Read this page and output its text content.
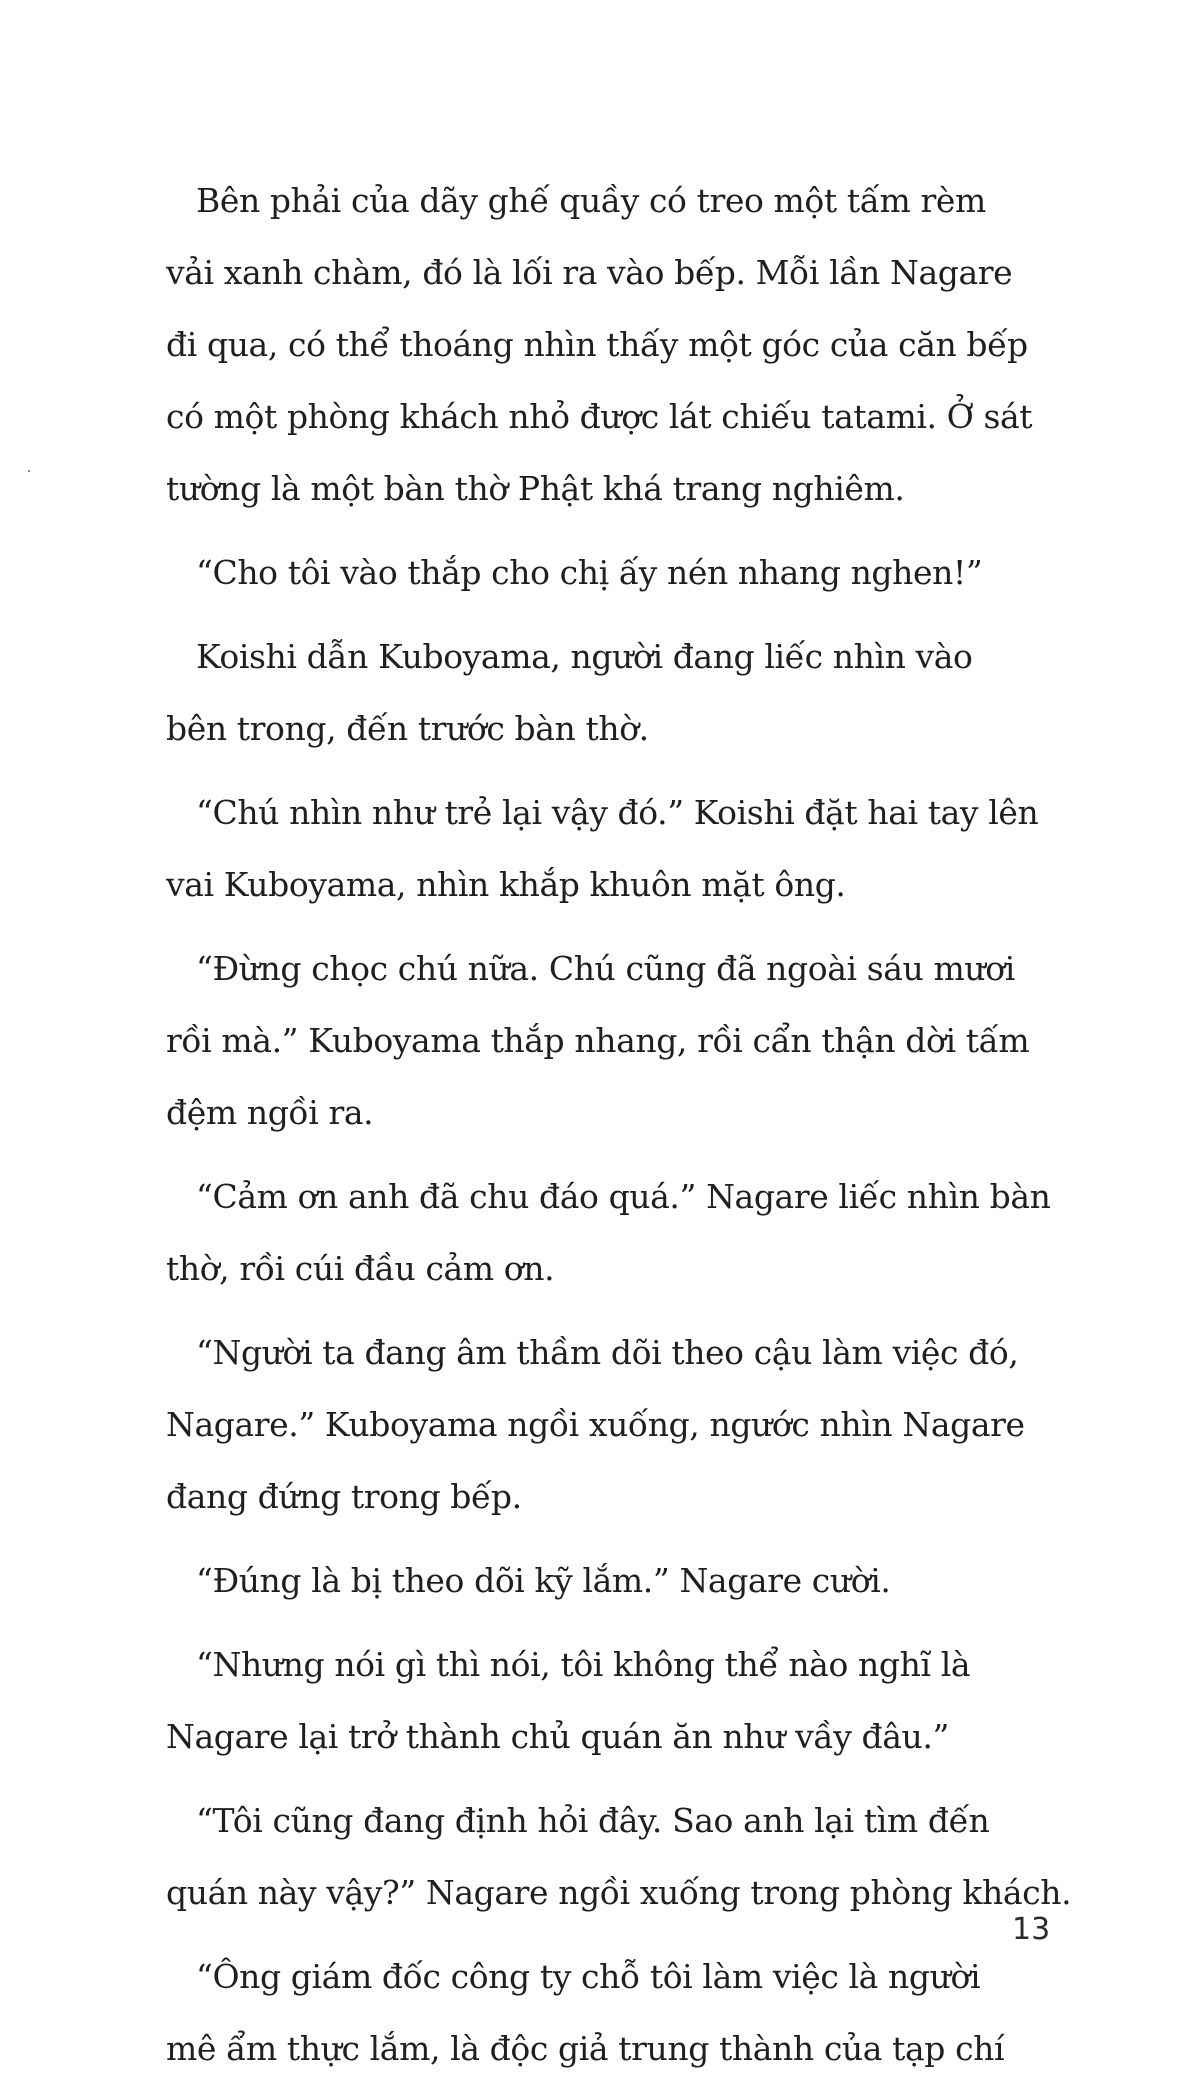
Bên phải của dãy ghế quầy có treo một tấm rèm
vải xanh chàm, đó là lối ra vào bếp. Mỗi lần Nagare
đi qua, có thể thoáng nhìn thấy một góc của căn bếp
có một phòng khách nhỏ được lát chiếu tatami. Ở sát
tường là một bàn thờ Phật khá trang nghiêm.
“Cho tôi vào thắp cho chị ấy nén nhang nghen!”
Koishi dẫn Kuboyama, người đang liếc nhìn vào
bên trong, đến trước bàn thờ.
“Chú nhìn như trẻ lại vậy đó.” Koishi đặt hai tay lên
vai Kuboyama, nhìn khắp khuôn mặt ông.
“Đừng chọc chú nữa. Chú cũng đã ngoài sáu mươi
rồi mà.” Kuboyama thắp nhang, rồi cẩn thận dời tấm
đệm ngồi ra.
“Cảm ơn anh đã chu đáo quá.” Nagare liếc nhìn bàn
thờ, rồi cúi đầu cảm ơn.
“Người ta đang âm thầm dõi theo cậu làm việc đó,
Nagare.” Kuboyama ngồi xuống, ngước nhìn Nagare
đang đứng trong bếp.
“Đúng là bị theo dõi kỹ lắm.” Nagare cười.
“Nhưng nói gì thì nói, tôi không thể nào nghĩ là
Nagare lại trở thành chủ quán ăn như vầy đâu.”
“Tôi cũng đang định hỏi đây. Sao anh lại tìm đến
quán này vậy?” Nagare ngồi xuống trong phòng khách.
“Ông giám đốc công ty chỗ tôi làm việc là người
mê ẩm thực lắm, là độc giả trung thành của tạp chí
13
